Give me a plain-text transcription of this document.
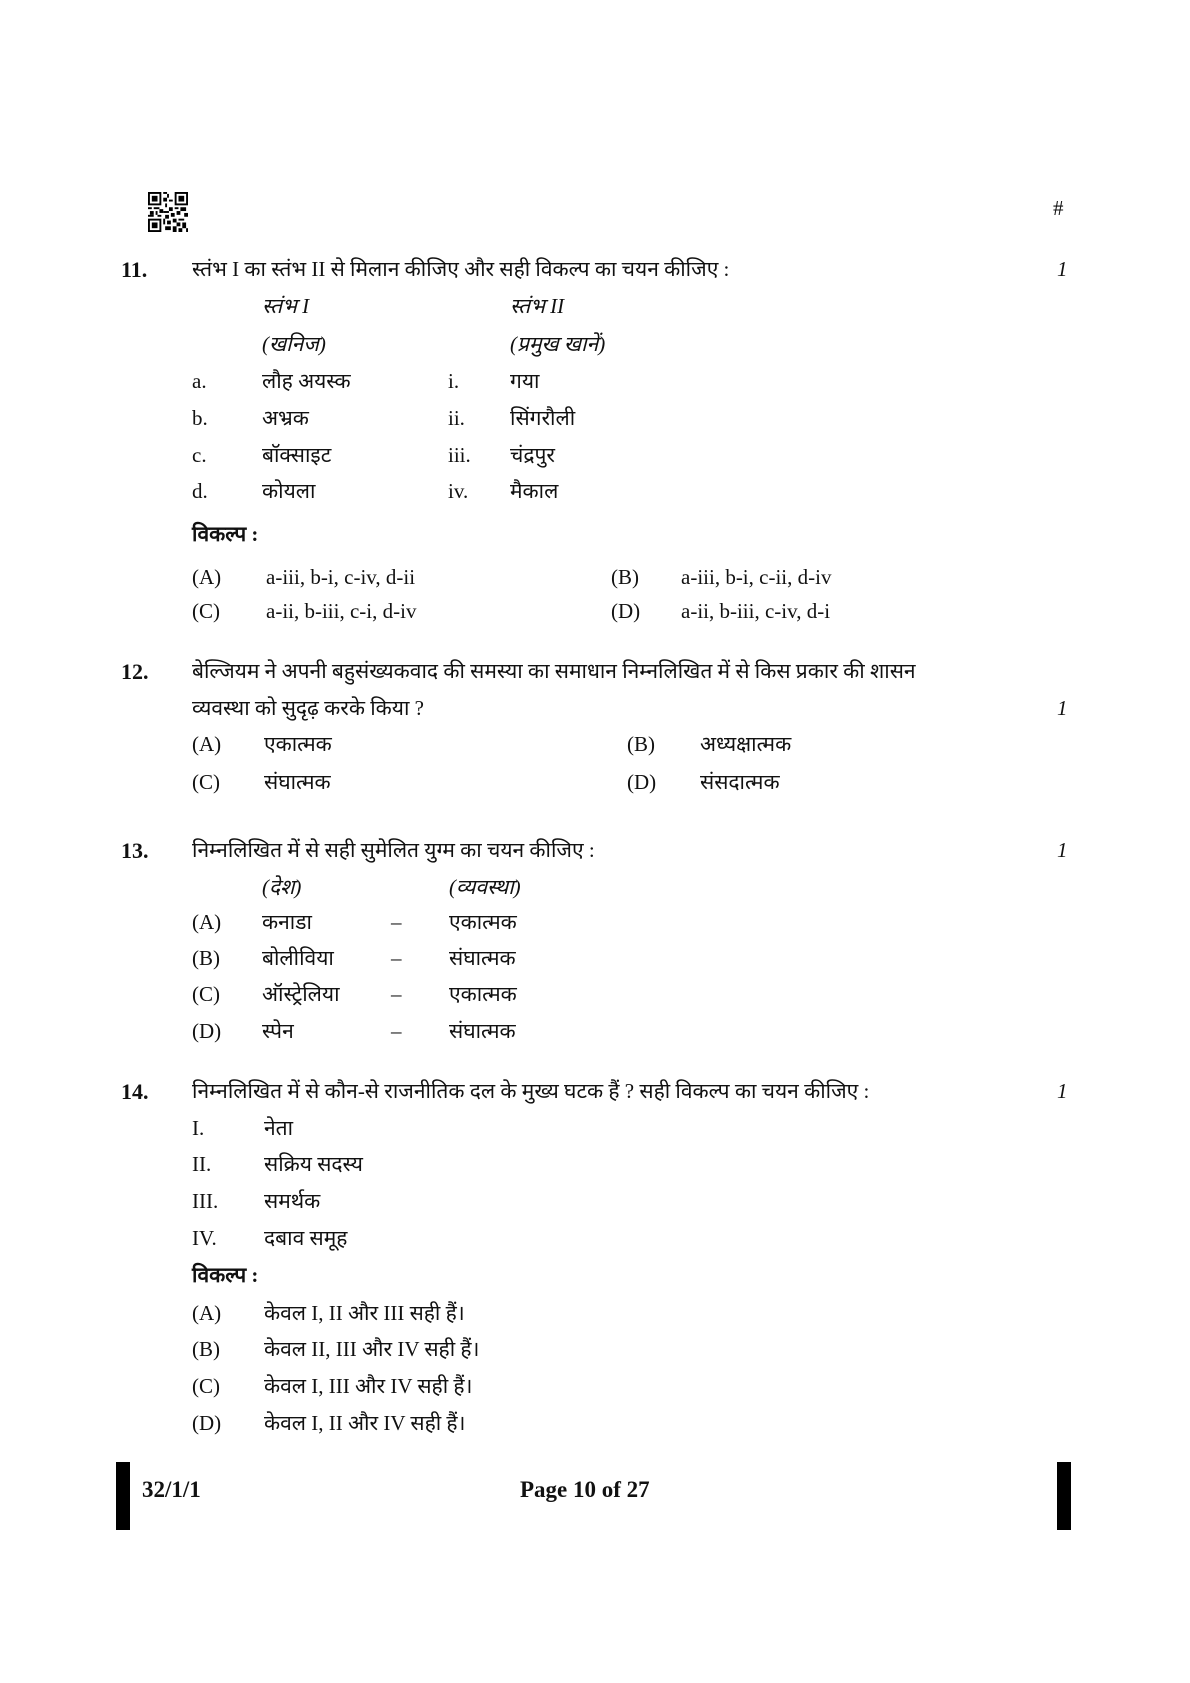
#
11. स्तंभ I का स्तंभ II से मिलान कीजिए और सही विकल्प का चयन कीजिए :	1
स्तंभ I	स्तंभ II
(खनिज)	(प्रमुख खानें)
a.	लौह अयस्क	i. गया
b.	अभ्रक	ii. सिंगरौली
c.	बॉक्साइट	iii. चंद्रपुर
d.	कोयला	iv. मैकाल
विकल्प :
(A) a-iii, b-i, c-iv, d-ii	(B) a-iii, b-i, c-ii, d-iv
(C) a-ii, b-iii, c-i, d-iv	(D) a-ii, b-iii, c-iv, d-i
12. बेल्जियम ने अपनी बहुसंख्यकवाद की समस्या का समाधान निम्नलिखित में से किस प्रकार की शासन
व्यवस्था को सुदृढ़ करके किया ?	1
(A) एकात्मक	(B) अध्यक्षात्मक
(C) संघात्मक	(D) संसदात्मक
13. निम्नलिखित में से सही सुमेलित युग्म का चयन कीजिए :	1
(देश)	(व्यवस्था)
(A) कनाडा	– एकात्मक
(B) बोलीविया	– संघात्मक
(C) ऑस्ट्रेलिया – एकात्मक
(D) स्पेन	– संघात्मक
14. निम्नलिखित में से कौन-से राजनीतिक दल के मुख्य घटक हैं ? सही विकल्प का चयन कीजिए :	1
I.	नेता
II.	सक्रिय सदस्य
III. समर्थक
IV. दबाव समूह
विकल्प :
(A) केवल I, II और III सही हैं।
(B) केवल II, III और IV सही हैं।
(C) केवल I, III और IV सही हैं।
(D) केवल I, II और IV सही हैं।
32/1/1	Page 10 of 27
